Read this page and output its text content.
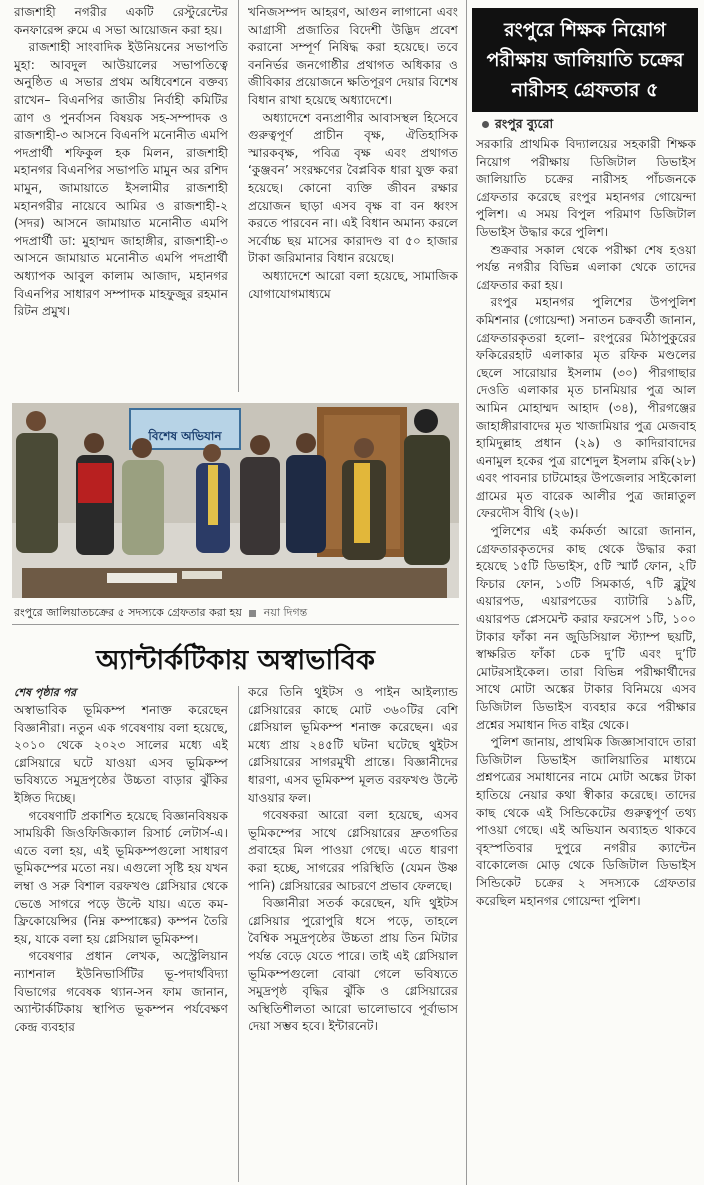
রাজশাহী নগরীর একটি রেস্টুরেন্টের কনফারেন্স রুমে এ সভা আয়োজন করা হয়।

রাজশাহী সাংবাদিক ইউনিয়নের সভাপতি মুহা: আবদুল আউয়ালের সভাপতিত্বে অনুষ্ঠিত এ সভার প্রথম অধিবেশনে বক্তব্য রাখেন– বিএনপির জাতীয় নির্বাহী কমিটির ত্রাণ ও পুনর্বাসন বিষয়ক সহ-সম্পাদক ও রাজশাহী-৩ আসনে বিএনপি মনোনীত এমপি পদপ্রার্থী শফিকুল হক মিলন, রাজশাহী মহানগর বিএনপির সভাপতি মামুন অর রশিদ মামুন, জামায়াতে ইসলামীর রাজশাহী মহানগরীর নায়েবে আমির ও রাজশাহী-২ (সদর) আসনে জামায়াত মনোনীত এমপি পদপ্রার্থী ডা: মুহাম্মদ জাহাঙ্গীর, রাজশাহী-৩ আসনে জামায়াত মনোনীত এমপি পদপ্রার্থী অধ্যাপক আবুল কালাম আজাদ, মহানগর বিএনপির সাধারণ সম্পাদক মাহফুজুর রহমান রিটন প্রমুখ।

খনিজসম্পদ আহরণ, আগুন লাগানো এবং আগ্রাসী প্রজাতির বিদেশী উদ্ভিদ প্রবেশ করানো সম্পূর্ণ নিষিদ্ধ করা হয়েছে। তবে বননির্ভর জনগোষ্ঠীর প্রথাগত অধিকার ও জীবিকার প্রয়োজনে ক্ষতিপূরণ দেয়ার বিশেষ বিধান রাখা হয়েছে অধ্যাদেশে।

অধ্যাদেশে বন্যপ্রাণীর আবাসস্থল হিসেবে গুরুত্বপূর্ণ প্রাচীন বৃক্ষ, ঐতিহাসিক স্মারকবৃক্ষ, পবিত্র বৃক্ষ এবং প্রথাগত ‘কুঞ্জবন’ সংরক্ষণের বৈপ্লবিক ধারা যুক্ত করা হয়েছে। কোনো ব্যক্তি জীবন রক্ষার প্রয়োজন ছাড়া এসব বৃক্ষ বা বন ধ্বংস করতে পারবেন না। এই বিধান অমান্য করলে সর্বোচ্চ ছয় মাসের কারাদণ্ড বা ৫০ হাজার টাকা জরিমানার বিধান রয়েছে।

অধ্যাদেশে আরো বলা হয়েছে, সামাজিক যোগাযোগমাধ্যমে

রংপুরে শিক্ষক নিয়োগ পরীক্ষায় জালিয়াতি চক্রের নারীসহ গ্রেফতার ৫
রংপুর ব্যুরো

সরকারি প্রাথমিক বিদ্যালয়ের সহকারী শিক্ষক নিয়োগ পরীক্ষায় ডিজিটাল ডিভাইস জালিয়াতি চক্রের নারীসহ পাঁচজনকে গ্রেফতার করেছে রংপুর মহানগর গোয়েন্দা পুলিশ। এ সময় বিপুল পরিমাণ ডিজিটাল ডিভাইস উদ্ধার করে পুলিশ।

শুক্রবার সকাল থেকে পরীক্ষা শেষ হওয়া পর্যন্ত নগরীর বিভিন্ন এলাকা থেকে তাদের গ্রেফতার করা হয়।

রংপুর মহানগর পুলিশের উপপুলিশ কমিশনার (গোয়েন্দা) সনাতন চক্রবর্তী জানান, গ্রেফতারকৃতরা হলো– রংপুরের মিঠাপুকুরের ফকিরেরহাট এলাকার মৃত রফিক মণ্ডলের ছেলে সারোয়ার ইসলাম (৩০) পীরগাছার দেওতি এলাকার মৃত চানমিয়ার পুত্র আল আমিন মোহাম্মদ আহাদ (৩৪), পীরগঞ্জের জাহাঙ্গীরাবাদের মৃত খাজামিয়ার পুত্র মেজবাহ হামিদুল্লাহ প্রধান (২৯) ও কাদিরাবাদের এনামুল হকের পুত্র রাশেদুল ইসলাম রকি(২৮) এবং পাবনার চাটমোহর উপজেলার সাইকোলা গ্রামের মৃত বারেক আলীর পুত্র জান্নাতুল ফেরদৌস বীথি (২৬)।

পুলিশের এই কর্মকর্তা আরো জানান, গ্রেফতারকৃতদের কাছ থেকে উদ্ধার করা হয়েছে ১৫টি ডিভাইস, ৫টি স্মার্ট ফোন, ২টি ফিচার ফোন, ১৩টি সিমকার্ড, ৭টি ব্লুটুথ এয়ারপড, এয়ারপডের ব্যাটারি ১৯টি, এয়ারপড প্লেসমেন্ট করার ফরসেপ ১টি, ১০০ টাকার ফাঁকা নন জুডিসিয়াল স্ট্যাম্প ছয়টি, স্বাক্ষরিত ফাঁকা চেক দু’টি এবং দু’টি মোটরসাইকেল। তারা বিভিন্ন পরীক্ষার্থীদের সাথে মোটা অঙ্কের টাকার বিনিময়ে এসব ডিজিটাল ডিভাইস ব্যবহার করে পরীক্ষার প্রশ্নের সমাধান দিত বাইর থেকে।

পুলিশ জানায়, প্রাথমিক জিজ্ঞাসাবাদে তারা ডিজিটাল ডিভাইস জালিয়াতির মাধ্যমে প্রশ্নপত্রের সমাধানের নামে মোটা অঙ্কের টাকা হাতিয়ে নেয়ার কথা স্বীকার করেছে। তাদের কাছ থেকে এই সিন্ডিকেটের গুরুত্বপূর্ণ তথ্য পাওয়া গেছে। এই অভিযান অব্যাহত থাকবে বৃহস্পতিবার দুপুরে নগরীর ক্যান্টেন বাকোলেজ মোড় থেকে ডিজিটাল ডিভাইস সিন্ডিকেট চক্রের ২ সদস্যকে গ্রেফতার করেছিল মহানগর গোয়েন্দা পুলিশ।

বিশেষ অভিযান
রংপুরে জালিয়াতচক্রের ৫ সদস্যকে গ্রেফতার করা হয় নয়া দিগন্ত
অ্যান্টার্কটিকায় অস্বাভাবিক
শেষ পৃষ্ঠার পর

অস্বাভাবিক ভূমিকম্প শনাক্ত করেছেন বিজ্ঞানীরা। নতুন এক গবেষণায় বলা হয়েছে, ২০১০ থেকে ২০২৩ সালের মধ্যে এই গ্লেসিয়ারে ঘটে যাওয়া এসব ভূমিকম্প ভবিষ্যতে সমুদ্রপৃষ্ঠের উচ্চতা বাড়ার ঝুঁকির ইঙ্গিত দিচ্ছে।

গবেষণাটি প্রকাশিত হয়েছে বিজ্ঞানবিষয়ক সাময়িকী জিওফিজিক্যাল রিসার্চ লেটার্স-এ। এতে বলা হয়, এই ভূমিকম্পগুলো সাধারণ ভূমিকম্পের মতো নয়। এগুলো সৃষ্টি হয় যখন লম্বা ও সরু বিশাল বরফখণ্ড গ্লেসিয়ার থেকে ভেঙে সাগরে পড়ে উল্টে যায়। এতে কম-ফ্রিকোয়েন্সির (নিম্ন কম্পাঙ্কের) কম্পন তৈরি হয়, যাকে বলা হয় গ্লেসিয়াল ভূমিকম্প।

গবেষণার প্রধান লেখক, অস্ট্রেলিয়ান ন্যাশনাল ইউনিভার্সিটির ভূ-পদার্থবিদ্যা বিভাগের গবেষক থ্যান-সন ফাম জানান, অ্যান্টার্কটিকায় স্থাপিত ভূকম্পন পর্যবেক্ষণ কেন্দ্র ব্যবহার

করে তিনি থুইটস ও পাইন আইল্যান্ড গ্লেসিয়ারের কাছে মোট ৩৬০টির বেশি গ্লেসিয়াল ভূমিকম্প শনাক্ত করেছেন। এর মধ্যে প্রায় ২৪৫টি ঘটনা ঘটেছে থুইটস গ্লেসিয়ারের সাগরমুখী প্রান্তে। বিজ্ঞানীদের ধারণা, এসব ভূমিকম্প মূলত বরফখণ্ড উল্টে যাওয়ার ফল।

গবেষকরা আরো বলা হয়েছে, এসব ভূমিকম্পের সাথে গ্লেসিয়ারের দ্রুতগতির প্রবাহের মিল পাওয়া গেছে। এতে ধারণা করা হচ্ছে, সাগরের পরিস্থিতি (যেমন উষ্ণ পানি) গ্লেসিয়ারের আচরণে প্রভাব ফেলছে।

বিজ্ঞানীরা সতর্ক করেছেন, যদি থুইটস গ্লেসিয়ার পুরোপুরি ধসে পড়ে, তাহলে বৈশ্বিক সমুদ্রপৃষ্ঠের উচ্চতা প্রায় তিন মিটার পর্যন্ত বেড়ে যেতে পারে। তাই এই গ্লেসিয়াল ভূমিকম্পগুলো বোঝা গেলে ভবিষ্যতে সমুদ্রপৃষ্ঠ বৃদ্ধির ঝুঁকি ও গ্লেসিয়ারের অস্থিতিশীলতা আরো ভালোভাবে পূর্বাভাস দেয়া সম্ভব হবে। ইন্টারনেট।
